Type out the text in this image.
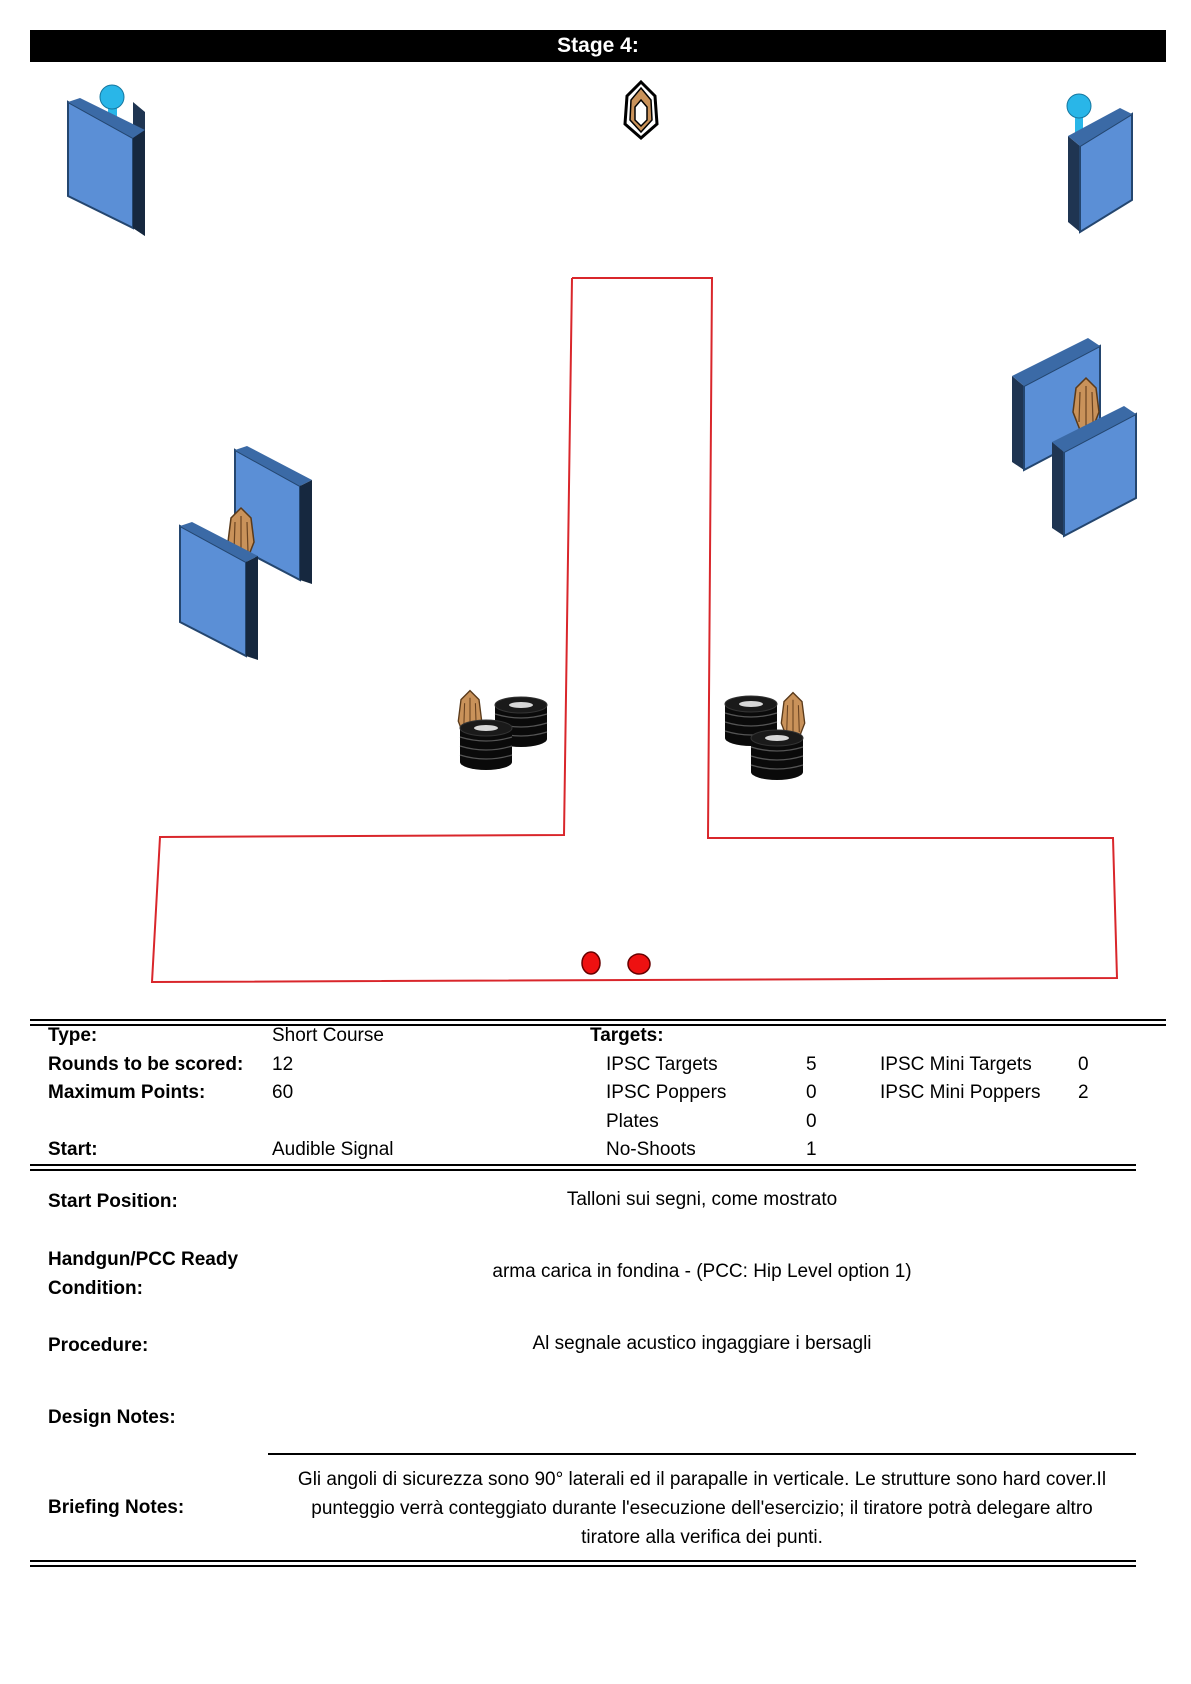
Stage 4:
Type:	Short Course	Targets:
Rounds to be scored: 12	IPSC Targets	5	IPSC Mini Targets 0
Maximum Points:	60	IPSC Poppers	0	IPSC Mini Poppers 2
Plates	0
Start:	Audible Signal	No-Shoots	1
Start Position:	Talloni sui segni, come mostrato
Handgun/PCC Ready
Condition:
arma carica in fondina - (PCC: Hip Level option 1)
Procedure:	Al segnale acustico ingaggiare i bersagli
Design Notes:
Briefing Notes:
Gli angoli di sicurezza sono 90° laterali ed il parapalle in verticale. Le strutture sono hard cover.Il
punteggio verrà conteggiato durante l'esecuzione dell'esercizio; il tiratore potrà delegare altro
tiratore alla verifica dei punti.
